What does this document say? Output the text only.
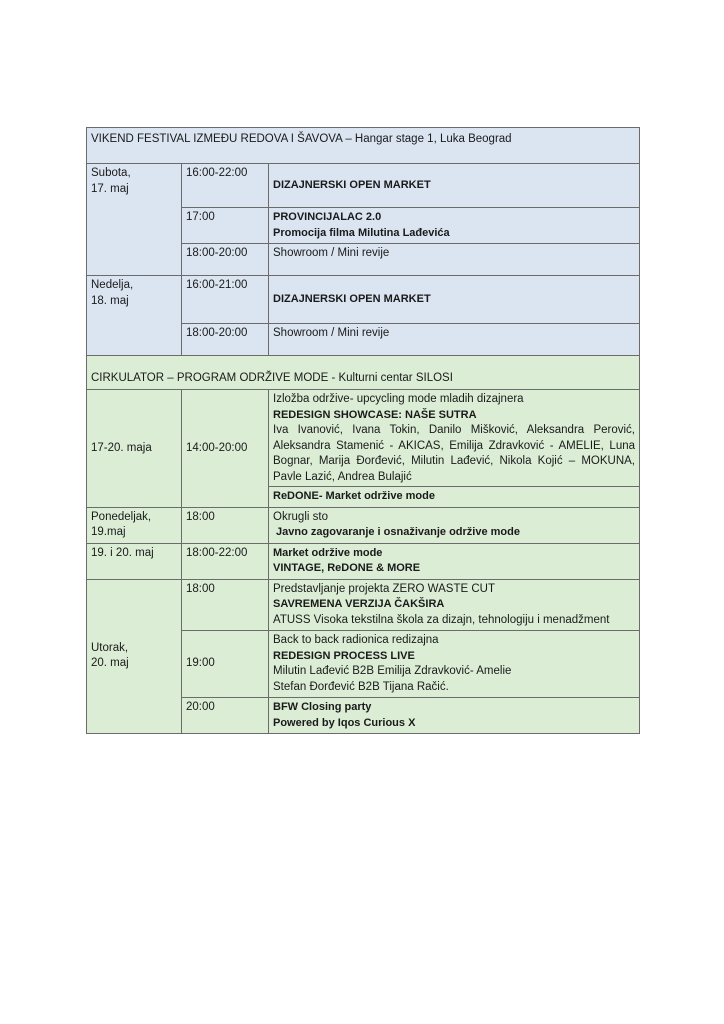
VIKEND FESTIVAL IZMEĐU REDOVA I ŠAVOVA – Hangar stage 1, Luka Beograd		

Subota,
17. maj	16:00-22:00	DIZAJNERSKI OPEN MARKET

	17:00	PROVINCIJALAC 2.0
Promocija filma Milutina Lađevića

	18:00-20:00	Showroom / Mini revije

Nedelja,
18. maj	16:00-21:00	DIZAJNERSKI OPEN MARKET

	18:00-20:00	Showroom / Mini revije

CIRKULATOR – PROGRAM ODRŽIVE MODE - Kulturni centar SILOSI		
17-20. maja	14:00-20:00	Izložba održive- upcycling mode mladih dizajnera
REDESIGN SHOWCASE: NAŠE SUTRA
Iva Ivanović, Ivana Tokin, Danilo Mišković, Aleksandra Perović, Aleksandra Stamenić - AKICAS, Emilija Zdravković - AMELIE, Luna Bognar, Marija Đorđević, Milutin Lađević, Nikola Kojić – MOKUNA, Pavle Lazić, Andrea Bulajić

		ReDONE- Market održive mode

Ponedeljak,
19.maj	18:00	Okrugli sto
Javno zagovaranje i osnaživanje održive mode

19. i 20. maj	18:00-22:00	Market održive mode
VINTAGE, ReDONE & MORE

Utorak,
20. maj	18:00	Predstavljanje projekta ZERO WASTE CUT
SAVREMENA VERZIJA ČAKŠIRA
ATUSS Visoka tekstilna škola za dizajn, tehnologiju i menadžment

	19:00	Back to back radionica redizajna
REDESIGN PROCESS LIVE
Milutin Lađević B2B Emilija Zdravković- Amelie
Stefan Đorđević B2B Tijana Račić.

	20:00	BFW Closing party
Powered by Iqos Curious X
